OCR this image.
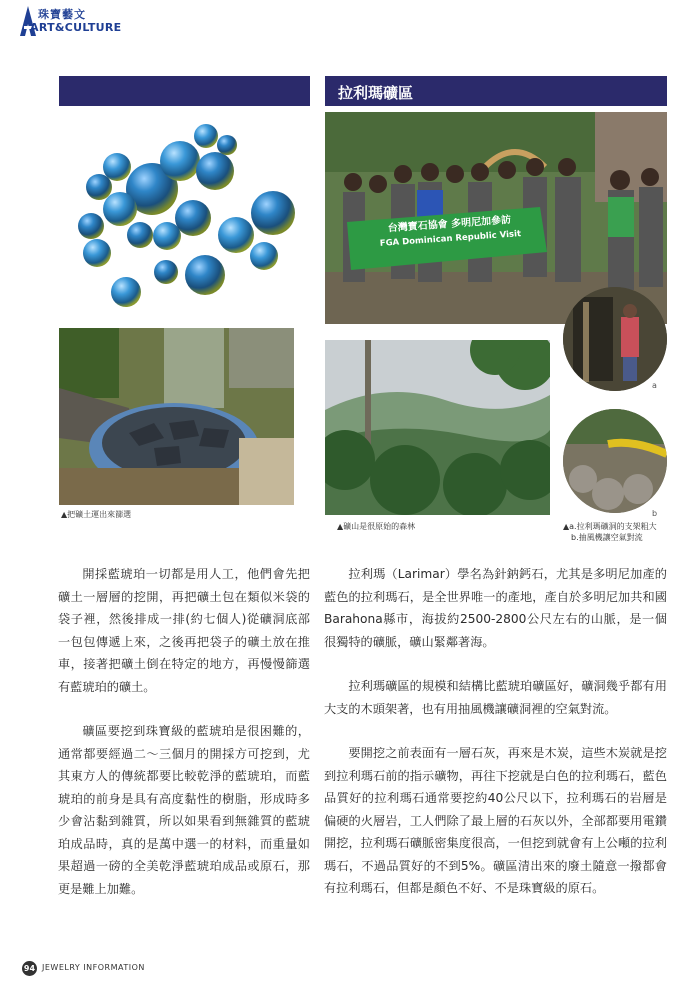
珠寶藝文
ART&CULTURE
拉利瑪礦區
台灣寶石協會 多明尼加參訪
FGA Dominican Republic Visit
a
b
▲把礦土運出來篩選
▲礦山是很原始的森林	▲a.拉利瑪礦洞的支架粗大
b.抽風機讓空氣對流

開採藍琥珀一切都是用人工，他們會先把礦土一層層的挖開，再把礦土包在類似米袋的袋子裡，然後排成一排(約七個人)從礦洞底部一包包傳遞上來，之後再把袋子的礦土放在推車，接著把礦土倒在特定的地方，再慢慢篩選有藍琥珀的礦土。

礦區要挖到珠寶級的藍琥珀是很困難的，通常都要經過二～三個月的開採方可挖到，尤其東方人的傳統都要比較乾淨的藍琥珀，而藍琥珀的前身是具有高度黏性的樹脂，形成時多少會沾黏到雜質，所以如果看到無雜質的藍琥珀成品時，真的是萬中選一的材料，而重量如果超過一磅的全美乾淨藍琥珀成品或原石，那更是難上加難。

拉利瑪（Larimar）學名為針鈉鈣石，尤其是多明尼加產的藍色的拉利瑪石，是全世界唯一的產地，產自於多明尼加共和國Barahona縣市，海拔約2500-2800公尺左右的山脈，是一個很獨特的礦脈，礦山緊鄰著海。

拉利瑪礦區的規模和結構比藍琥珀礦區好，礦洞幾乎都有用大支的木頭架著，也有用抽風機讓礦洞裡的空氣對流。

要開挖之前表面有一層石灰，再來是木炭，這些木炭就是挖到拉利瑪石前的指示礦物，再往下挖就是白色的拉利瑪石，藍色品質好的拉利瑪石通常要挖約40公尺以下，拉利瑪石的岩層是偏硬的火層岩，工人們除了最上層的石灰以外，全部都要用電鑽開挖，拉利瑪石礦脈密集度很高，一但挖到就會有上公噸的拉利瑪石，不過品質好的不到5%。礦區清出來的廢土隨意一撥都會有拉利瑪石，但都是顏色不好、不是珠寶級的原石。

94 JEWELRY INFORMATION
